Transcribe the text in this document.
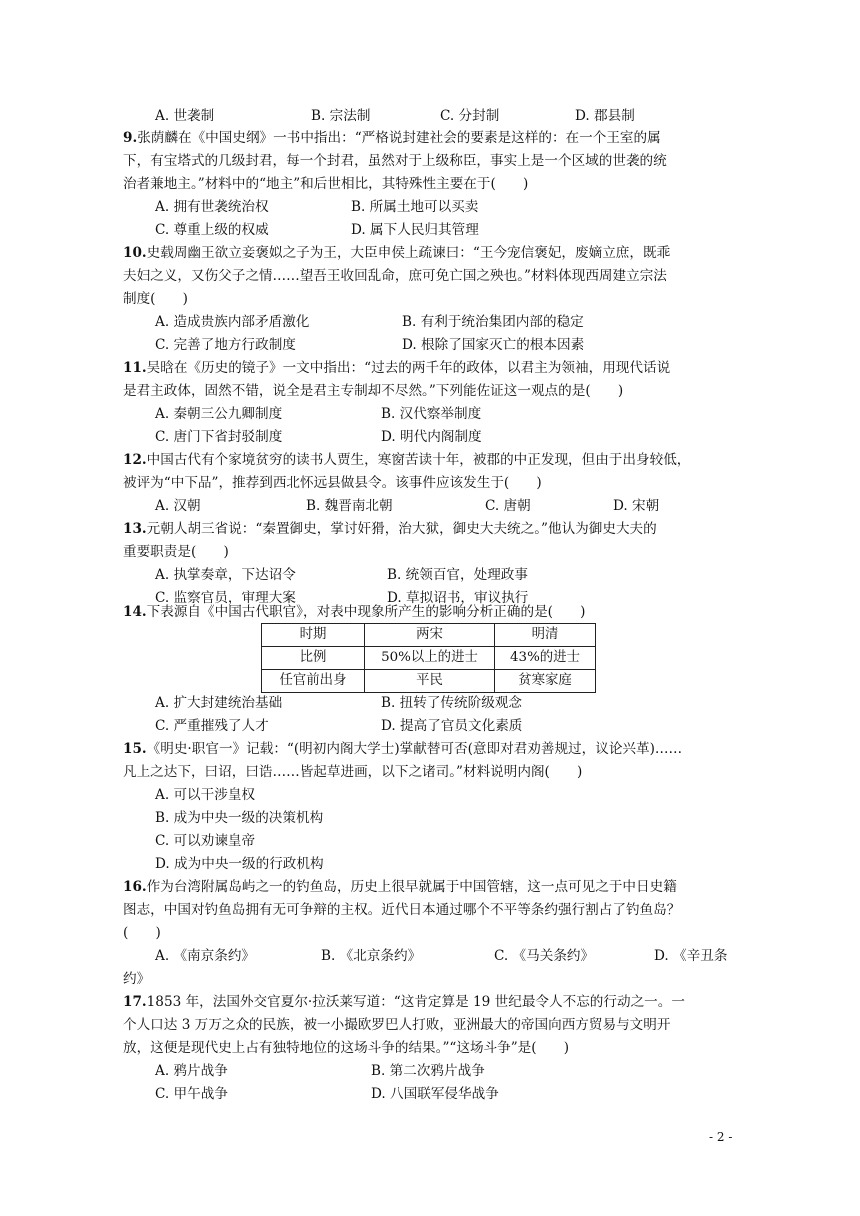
A. 世袭制	B. 宗法制	C. 分封制	D. 郡县制
9.张荫麟在《中国史纲》一书中指出：“严格说封建社会的要素是这样的：在一个王室的属
下，有宝塔式的几级封君，每一个封君，虽然对于上级称臣，事实上是一个区域的世袭的统
治者兼地主。”材料中的“地主”和后世相比，其特殊性主要在于(　　)
A. 拥有世袭统治权	B. 所属土地可以买卖
C. 尊重上级的权威	D. 属下人民归其管理
10.史载周幽王欲立妾褒姒之子为王，大臣申侯上疏谏曰：“王今宠信褒妃，废嫡立庶，既乖
夫妇之义，又伤父子之情……望吾王收回乱命，庶可免亡国之殃也。”材料体现西周建立宗法
制度(　　)
A. 造成贵族内部矛盾激化	B. 有利于统治集团内部的稳定
C. 完善了地方行政制度	D. 根除了国家灭亡的根本因素
11.吴晗在《历史的镜子》一文中指出：“过去的两千年的政体，以君主为领袖，用现代话说
是君主政体，固然不错，说全是君主专制却不尽然。”下列能佐证这一观点的是(　　)
A. 秦朝三公九卿制度	B. 汉代察举制度
C. 唐门下省封驳制度	D. 明代内阁制度
12.中国古代有个家境贫穷的读书人贾生，寒窗苦读十年，被郡的中正发现，但由于出身较低，
被评为“中下品”，推荐到西北怀远县做县令。该事件应该发生于(　　)
A. 汉朝	B. 魏晋南北朝	C. 唐朝	D. 宋朝
13.元朝人胡三省说：“秦置御史，掌讨奸猾，治大狱，御史大夫统之。”他认为御史大夫的
重要职责是(　　)
A. 执掌奏章，下达诏令	B. 统领百官，处理政事
C. 监察官员，审理大案	D. 草拟诏书，审议执行
14.下表源自《中国古代职官》，对表中现象所产生的影响分析正确的是(　　)
时期	两宋	明清
比例	50%以上的进士	43%的进士
任官前出身	平民	贫寒家庭
A. 扩大封建统治基础	B. 扭转了传统阶级观念
C. 严重摧残了人才	D. 提高了官员文化素质
15.《明史·职官一》记载：“(明初内阁大学士)掌献替可否(意即对君劝善规过，议论兴革)……
凡上之达下，曰诏，曰诰……皆起草进画，以下之诸司。”材料说明内阁(　　)
A. 可以干涉皇权
B. 成为中央一级的决策机构
C. 可以劝谏皇帝
D. 成为中央一级的行政机构
16.作为台湾附属岛屿之一的钓鱼岛，历史上很早就属于中国管辖，这一点可见之于中日史籍
图志，中国对钓鱼岛拥有无可争辩的主权。近代日本通过哪个不平等条约强行割占了钓鱼岛？
(　　)
A. 《南京条约》	B. 《北京条约》	C. 《马关条约》	D. 《辛丑条
约》
17.1853 年，法国外交官夏尔·拉沃莱写道：“这肯定算是 19 世纪最令人不忘的行动之一。一
个人口达 3 万万之众的民族，被一小撮欧罗巴人打败，亚洲最大的帝国向西方贸易与文明开
放，这便是现代史上占有独特地位的这场斗争的结果。”“这场斗争”是(　　)
A. 鸦片战争	B. 第二次鸦片战争
C. 甲午战争	D. 八国联军侵华战争
- 2 -
